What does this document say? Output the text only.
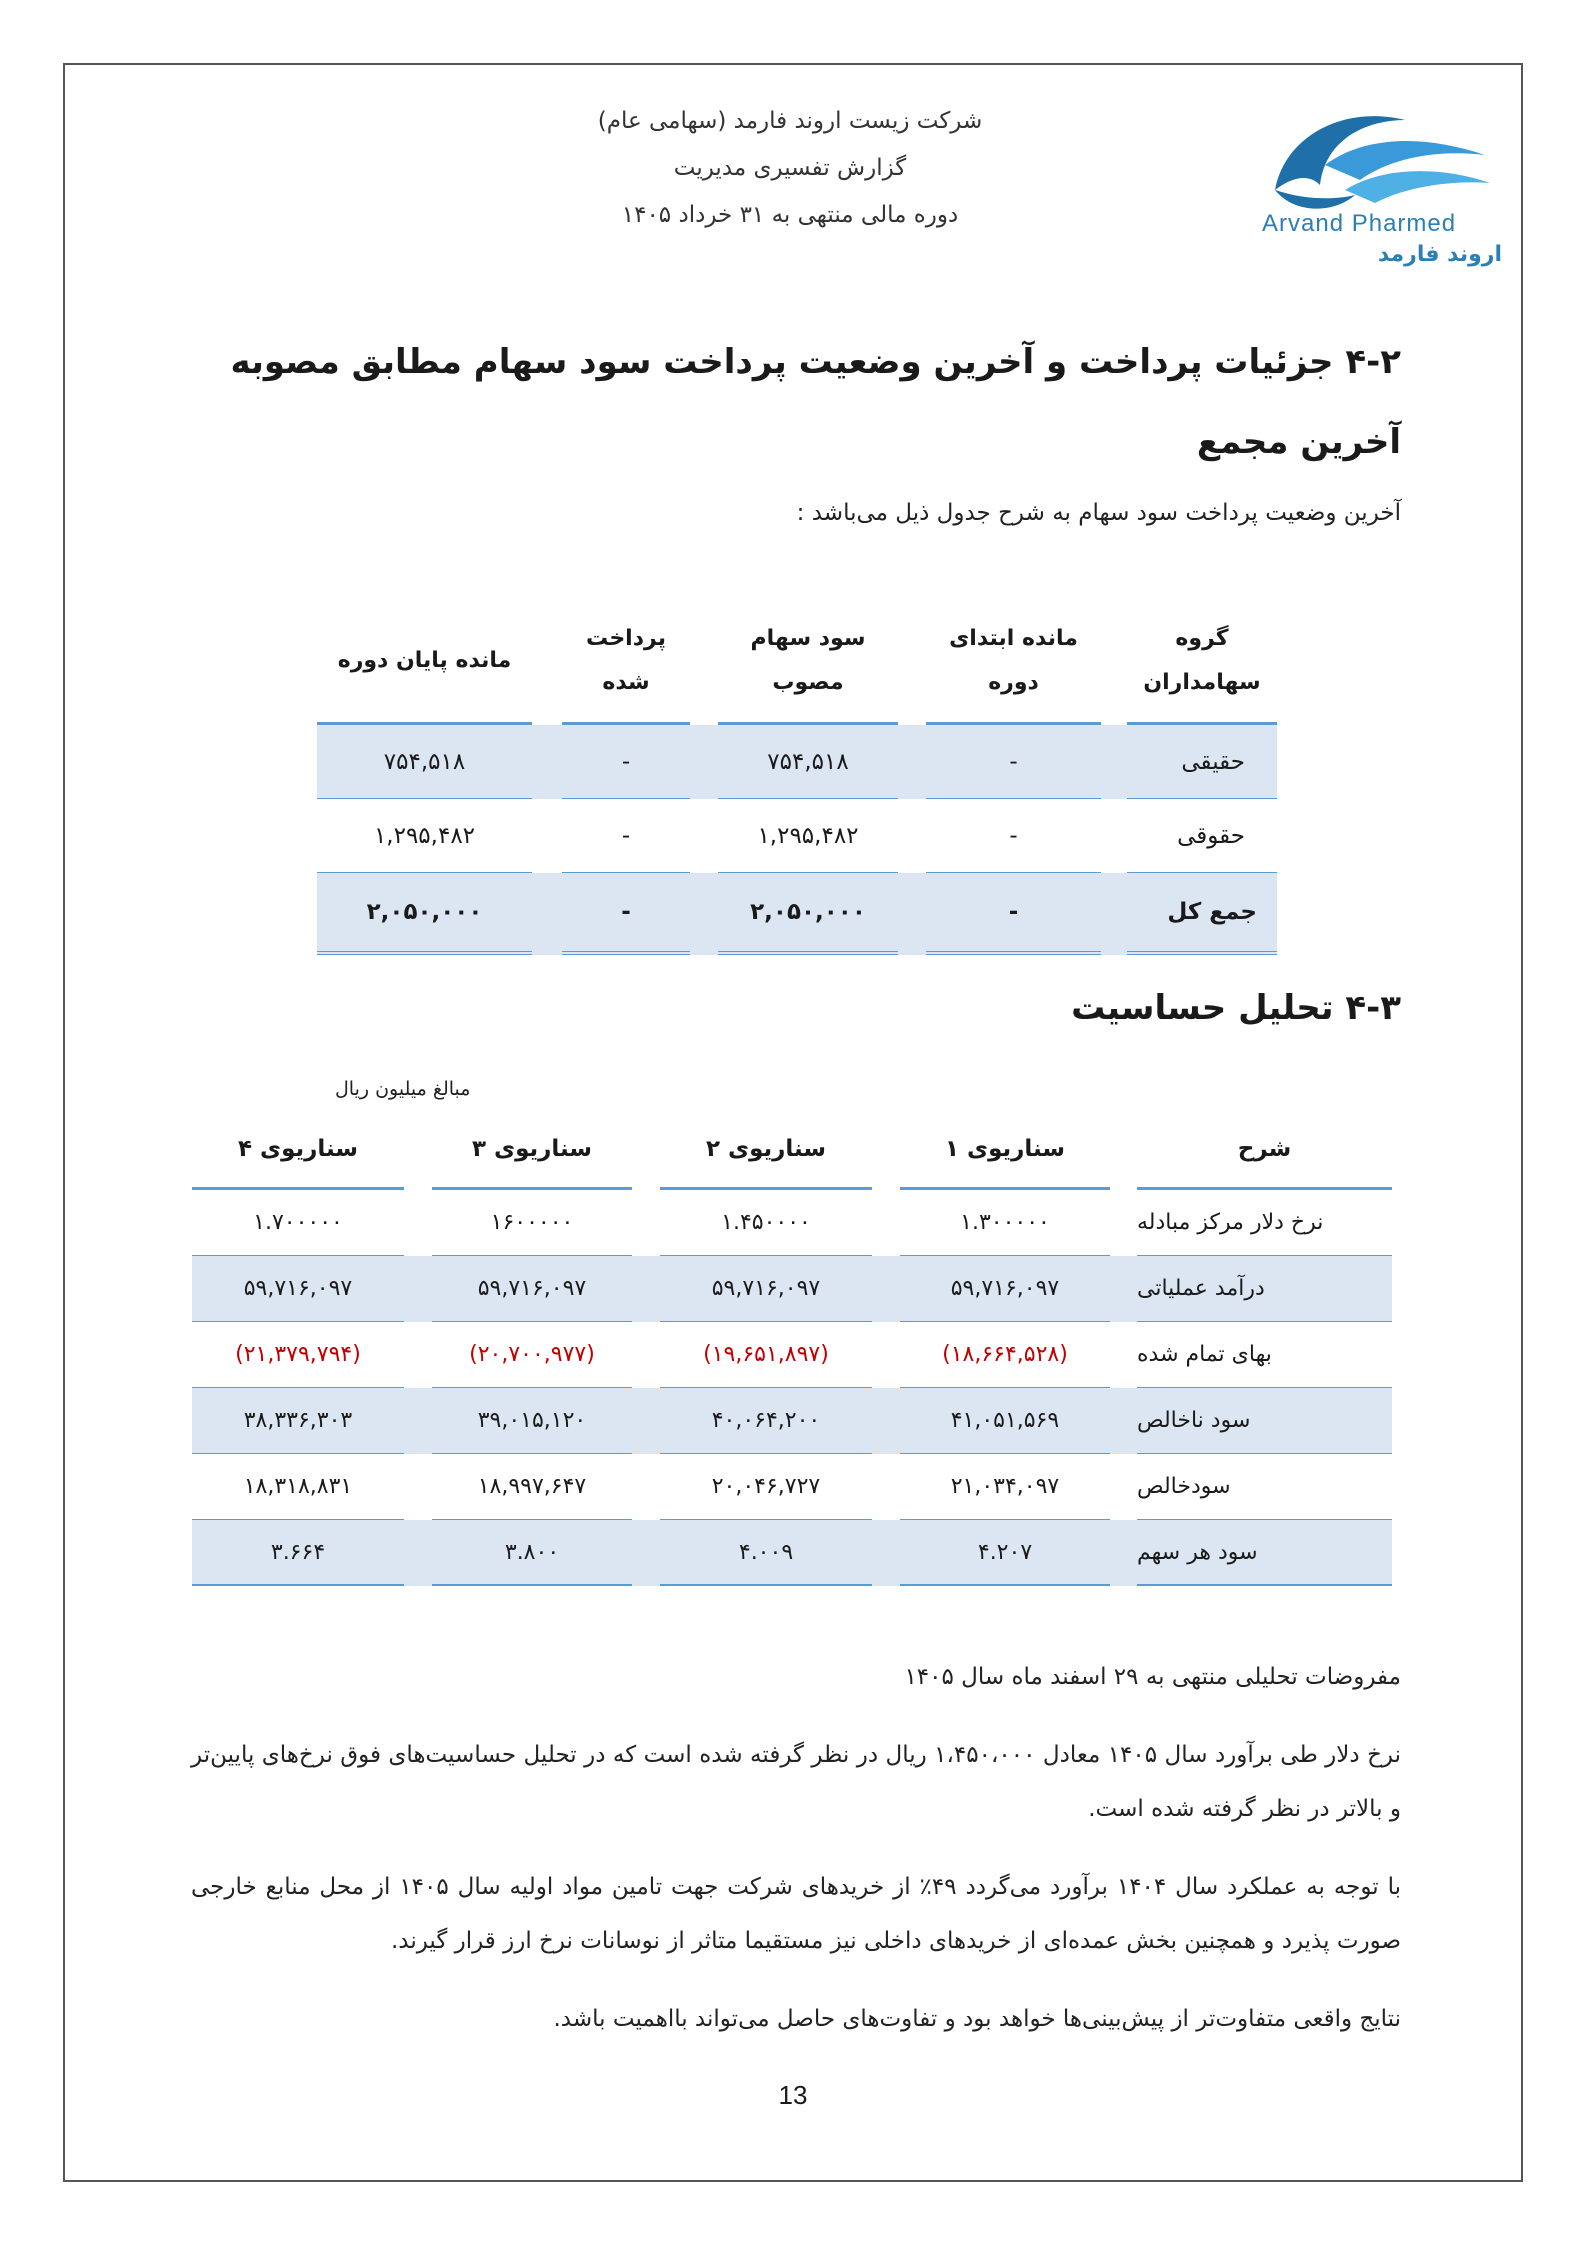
شرکت زیست اروند فارمد (سهامی عام)
گزارش تفسیری مدیریت
دوره مالی منتهی به ۳۱ خرداد ۱۴۰۵	Arvand Pharmed
اروند فارمد
۴-۲ جزئیات پرداخت و آخرین وضعیت پرداخت سود سهام مطابق مصوبه آخرین مجمع
آخرین وضعیت پرداخت سود سهام به شرح جدول ذیل می‌باشد :
گروه سهامداران
مانده ابتدای دوره
سود سهام مصوب
پرداخت شده
مانده پایان دوره
حقیقی
-
۷۵۴,۵۱۸
-
۷۵۴,۵۱۸
حقوقی
-
۱,۲۹۵,۴۸۲
-
۱,۲۹۵,۴۸۲
جمع کل
-
۲,۰۵۰,۰۰۰
-
۲,۰۵۰,۰۰۰
۴-۳ تحلیل حساسیت
مبالغ میلیون ریال
شرح
سناریوی ۱
سناریوی ۲
سناریوی ۳
سناریوی ۴
نرخ دلار مرکز مبادله
۱.۳۰۰۰۰۰
۱.۴۵۰۰۰۰
۱۶۰۰۰۰۰
۱.۷۰۰۰۰۰
درآمد عملیاتی
۵۹,۷۱۶,۰۹۷
۵۹,۷۱۶,۰۹۷
۵۹,۷۱۶,۰۹۷
۵۹,۷۱۶,۰۹۷
بهای تمام شده
(۱۸,۶۶۴,۵۲۸)
(۱۹,۶۵۱,۸۹۷)
(۲۰,۷۰۰,۹۷۷)
(۲۱,۳۷۹,۷۹۴)
سود ناخالص
۴۱,۰۵۱,۵۶۹
۴۰,۰۶۴,۲۰۰
۳۹,۰۱۵,۱۲۰
۳۸,۳۳۶,۳۰۳
سودخالص
۲۱,۰۳۴,۰۹۷
۲۰,۰۴۶,۷۲۷
۱۸,۹۹۷,۶۴۷
۱۸,۳۱۸,۸۳۱
سود هر سهم
۴.۲۰۷
۴.۰۰۹
۳.۸۰۰
۳.۶۶۴
مفروضات تحلیلی منتهی به ۲۹ اسفند ماه سال ۱۴۰۵
نرخ دلار طی برآورد سال ۱۴۰۵ معادل ۱،۴۵۰،۰۰۰ ریال در نظر گرفته شده است که در تحلیل حساسیت‌های فوق نرخ‌های پایین‌تر و بالاتر در نظر گرفته شده است.
با توجه به عملکرد سال ۱۴۰۴ برآورد می‌گردد ۴۹٪ از خریدهای شرکت جهت تامین مواد اولیه سال ۱۴۰۵ از محل منابع خارجی صورت پذیرد و همچنین بخش عمده‌ای از خریدهای داخلی نیز مستقیما متاثر از نوسانات نرخ ارز قرار گیرند.
نتایج واقعی متفاوت‌تر از پیش‌بینی‌ها خواهد بود و تفاوت‌های حاصل می‌تواند بااهمیت باشد.
13
